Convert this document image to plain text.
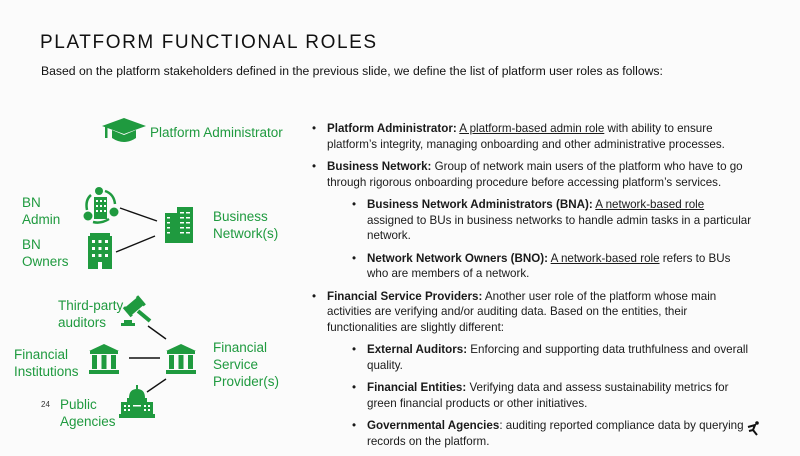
PLATFORM FUNCTIONAL ROLES
Based on the platform stakeholders defined in the previous slide, we define the list of platform user roles as follows:
Platform Administrator
BN
Admin
BN
Owners
Business
Network(s)
Third-party
auditors
Financial
Institutions
Financial
Service
Provider(s)
Public
Agencies
24
• Platform Administrator: A platform-based admin role with ability to ensure platform’s integrity, managing onboarding and other administrative processes.
• Business Network: Group of network main users of the platform who have to go through rigorous onboarding procedure before accessing platform’s services.
• Business Network Administrators (BNA): A network-based role assigned to BUs in business networks to handle admin tasks in a particular network.
• Network Network Owners (BNO): A network-based role refers to BUs who are members of a network.
• Financial Service Providers: Another user role of the platform whose main activities are verifying and/or auditing data. Based on the entities, their functionalities are slightly different:
• External Auditors: Enforcing and supporting data truthfulness and overall quality.
• Financial Entities: Verifying data and assess sustainability metrics for green financial products or other initiatives.
• Governmental Agencies: auditing reported compliance data by querying records on the platform.
